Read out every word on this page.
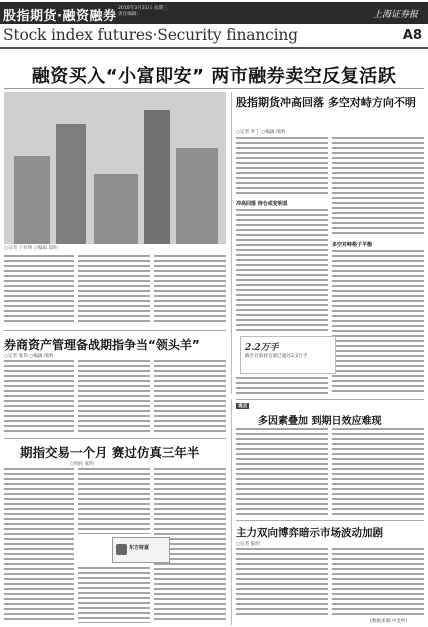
股指期货·融资融券
2010年3月31日 星期三
责任编辑:	上海证券报
Stock index futures·Security financing	A8
融资买入“小富即安” 两市融券卖空反复活跃
○记者 于祥明 ○编辑 邵明
股指期货冲高回落 多空对峙方向不明
○记者 叶丁 ○编辑 邵明
冲高回落 持仓或变明显
多空对峙格子平衡
2.2万手
截至目前持仓量已超过2.2万手
观点
多因素叠加 到期日效应难现
券商资产管理备战期指争当“领头羊”
○记者 张伟 ○编辑 邵明
期指交易一个月 赛过仿真三年半
○特约 张明
东方财富
主力双向博弈暗示市场波动加剧
○记者 陈明
(数据来源:中金所)
